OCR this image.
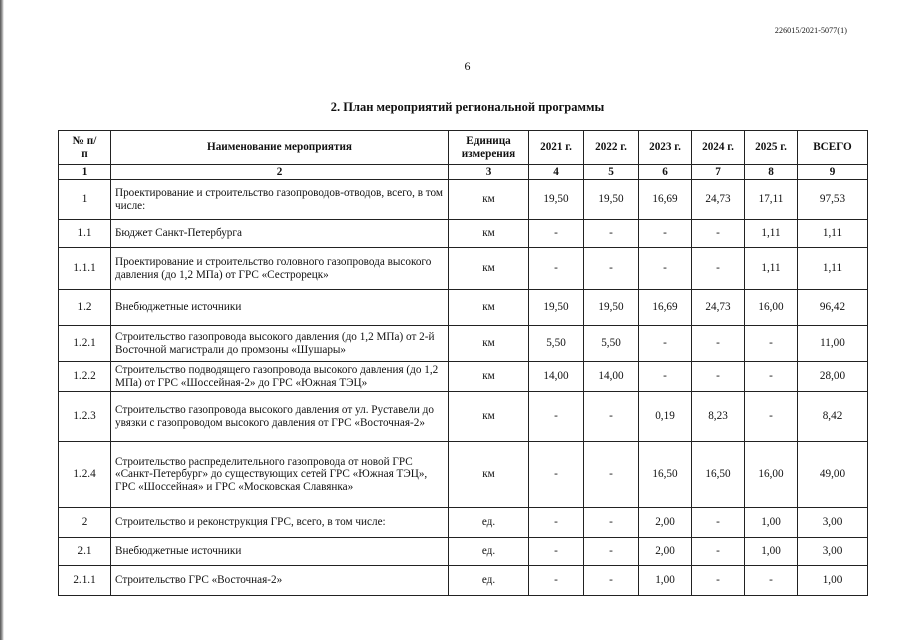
226015/2021-5077(1)
6
2. План мероприятий региональной программы
№ п/п	Наименование мероприятия	Единица измерения	2021 г.	2022 г.	2023 г.	2024 г.	2025 г.	ВСЕГО
1	2	3	4	5	6	7	8	9
1	Проектирование и строительство газопроводов-отводов, всего, в том числе:	км	19,50	19,50	16,69	24,73	17,11	97,53
1.1	Бюджет Санкт-Петербурга	км	-	-	-	-	1,11	1,11
1.1.1	Проектирование и строительство головного газопровода высокого давления (до 1,2 МПа) от ГРС «Сестрорецк»	км	-	-	-	-	1,11	1,11
1.2	Внебюджетные источники	км	19,50	19,50	16,69	24,73	16,00	96,42
1.2.1	Строительство газопровода высокого давления (до 1,2 МПа) от 2-й Восточной магистрали до промзоны «Шушары»	км	5,50	5,50	-	-	-	11,00
1.2.2	Строительство подводящего газопровода высокого давления (до 1,2 МПа) от ГРС «Шоссейная-2» до ГРС «Южная ТЭЦ»	км	14,00	14,00	-	-	-	28,00
1.2.3	Строительство газопровода высокого давления от ул. Руставели до увязки с газопроводом высокого давления от ГРС «Восточная-2»	км	-	-	0,19	8,23	-	8,42
1.2.4	Строительство распределительного газопровода от новой ГРС «Санкт-Петербург» до существующих сетей ГРС «Южная ТЭЦ», ГРС «Шоссейная» и ГРС «Московская Славянка»	км	-	-	16,50	16,50	16,00	49,00
2	Строительство и реконструкция ГРС, всего, в том числе:	ед.	-	-	2,00	-	1,00	3,00
2.1	Внебюджетные источники	ед.	-	-	2,00	-	1,00	3,00
2.1.1	Строительство ГРС «Восточная-2»	ед.	-	-	1,00	-	-	1,00
